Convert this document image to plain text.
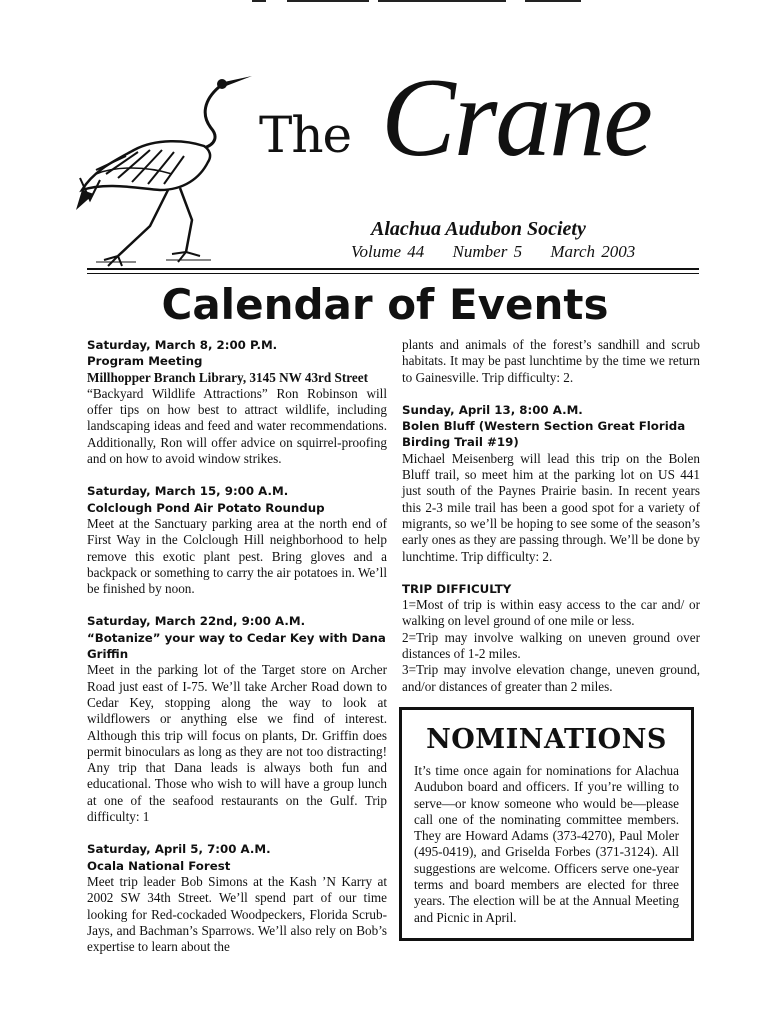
The Crane
Alachua Audubon Society
Volume 44 Number 5 March 2003
Calendar of Events
Saturday, March 8, 2:00 P.M.
Program Meeting
Millhopper Branch Library, 3145 NW 43rd Street

“Backyard Wildlife Attractions” Ron Robinson will offer tips on how best to attract wildlife, including landscaping ideas and feed and water recommendations. Additionally, Ron will offer advice on squirrel-proofing and on how to avoid window strikes.

Saturday, March 15, 9:00 A.M.
Colclough Pond Air Potato Roundup

Meet at the Sanctuary parking area at the north end of First Way in the Colclough Hill neighborhood to help remove this exotic plant pest. Bring gloves and a backpack or something to carry the air potatoes in. We’ll be finished by noon.

Saturday, March 22nd, 9:00 A.M.
“Botanize” your way to Cedar Key with Dana Griffin

Meet in the parking lot of the Target store on Archer Road just east of I-75. We’ll take Archer Road down to Cedar Key, stopping along the way to look at wildflowers or anything else we find of interest. Although this trip will focus on plants, Dr. Griffin does permit binoculars as long as they are not too distracting! Any trip that Dana leads is always both fun and educational. Those who wish to will have a group lunch at one of the seafood restaurants on the Gulf. Trip difficulty: 1

Saturday, April 5, 7:00 A.M.
Ocala National Forest

Meet trip leader Bob Simons at the Kash ’N Karry at 2002 SW 34th Street. We’ll spend part of our time looking for Red-cockaded Woodpeckers, Florida Scrub-Jays, and Bachman’s Sparrows. We’ll also rely on Bob’s expertise to learn about the

plants and animals of the forest’s sandhill and scrub habitats. It may be past lunchtime by the time we return to Gainesville. Trip difficulty: 2.

Sunday, April 13, 8:00 A.M.
Bolen Bluff (Western Section Great Florida Birding Trail #19)

Michael Meisenberg will lead this trip on the Bolen Bluff trail, so meet him at the parking lot on US 441 just south of the Paynes Prairie basin. In recent years this 2-3 mile trail has been a good spot for a variety of migrants, so we’ll be hoping to see some of the season’s early ones as they are passing through. We’ll be done by lunchtime. Trip difficulty: 2.

TRIP DIFFICULTY

1=Most of trip is within easy access to the car and/ or walking on level ground of one mile or less.

2=Trip may involve walking on uneven ground over distances of 1-2 miles.

3=Trip may involve elevation change, uneven ground, and/or distances of greater than 2 miles.

NOMINATIONS

It’s time once again for nominations for Alachua Audubon board and officers. If you’re willing to serve—or know someone who would be—please call one of the nominating committee members. They are Howard Adams (373-4270), Paul Moler (495-0419), and Griselda Forbes (371-3124). All suggestions are welcome. Officers serve one-year terms and board members are elected for three years. The election will be at the Annual Meeting and Picnic in April.
